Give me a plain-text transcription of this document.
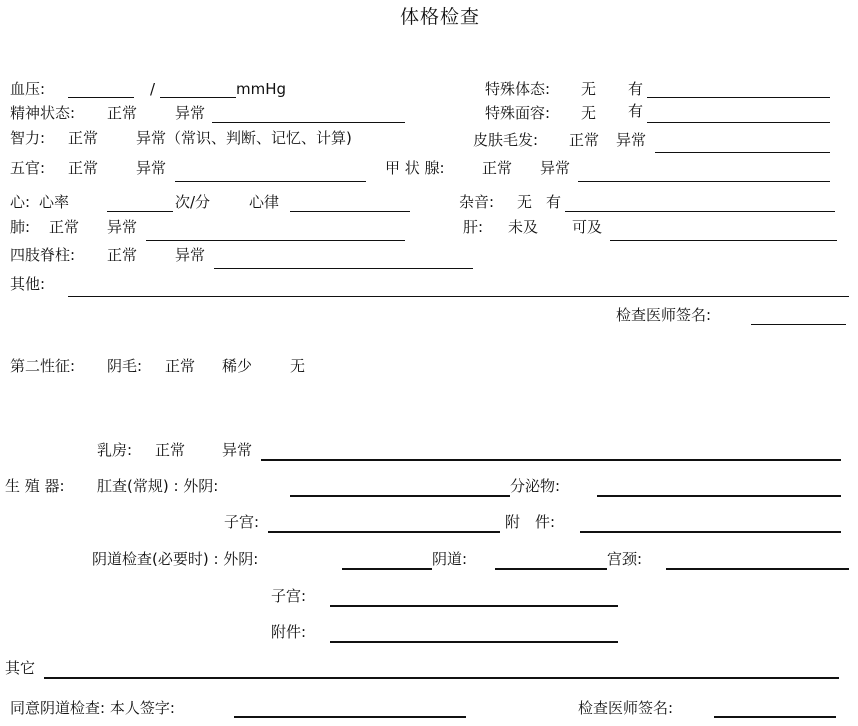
体格检查
血压:	/	mmHg	特殊体态: 无 有
精神状态: 正常	异常	特殊面容: 无 有
智力: 正常	异常（常识、判断、记忆、计算)	皮肤毛发: 正常 异常
五官: 正常	异常	甲 状 腺: 正常 异常
心: 心率	次/分	心律	杂音: 无 有
肺: 正常 异常	肝: 未及 可及
四肢脊柱: 正常	异常
其他:
检查医师签名:
第二性征: 阴毛: 正常 稀少	无
乳房: 正常 异常
生 殖 器: 肛查(常规) : 外阴:	分泌物:
子宫:	附　件:
阴道检查(必要时) : 外阴:	阴道:	宫颈:
子宫:
附件:
其它
同意阴道检查: 本人签字:	检查医师签名:
